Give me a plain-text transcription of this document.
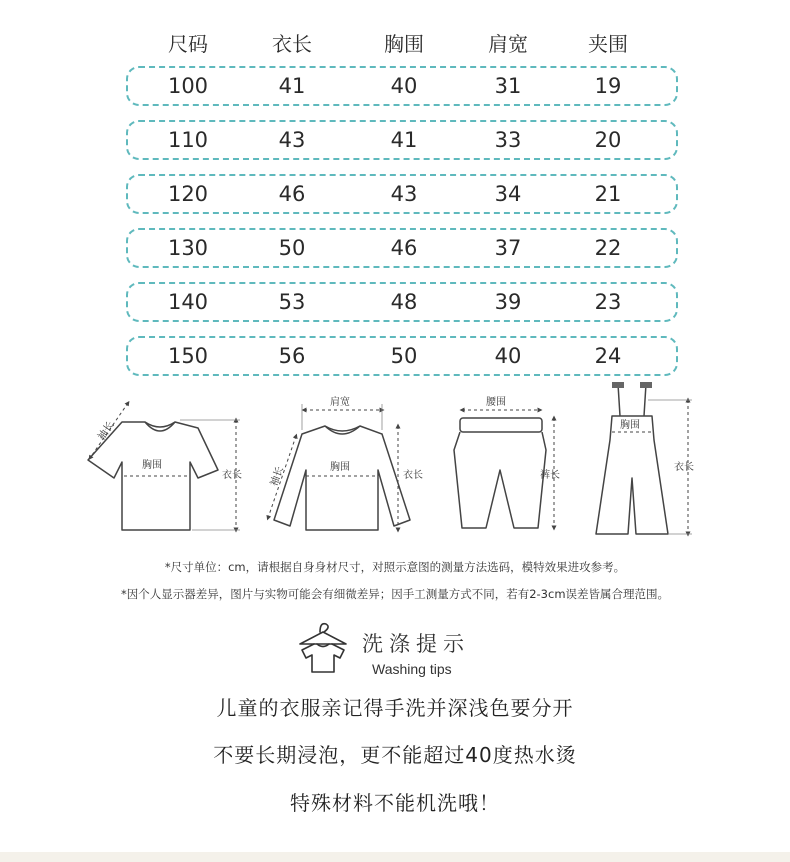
尺码	衣长	胸围	肩宽	夹围
100	41	40	31	19
110	43	41	33	20
120	46	43	34	21
130	50	46	37	22
140	53	48	39	23
150	56	50	40	24
胸围
衣长
袖长
肩宽
胸围
衣长
袖长
腰围
裤长
胸围
衣长
*尺寸单位：cm，请根据自身身材尺寸，对照示意图的测量方法选码，模特效果进攻参考。
*因个人显示器差异，图片与实物可能会有细微差异；因手工测量方式不同，若有2-3cm误差皆属合理范围。
洗涤提示
Washing tips
儿童的衣服亲记得手洗并深浅色要分开
不要长期浸泡，更不能超过40度热水烫
特殊材料不能机洗哦！
